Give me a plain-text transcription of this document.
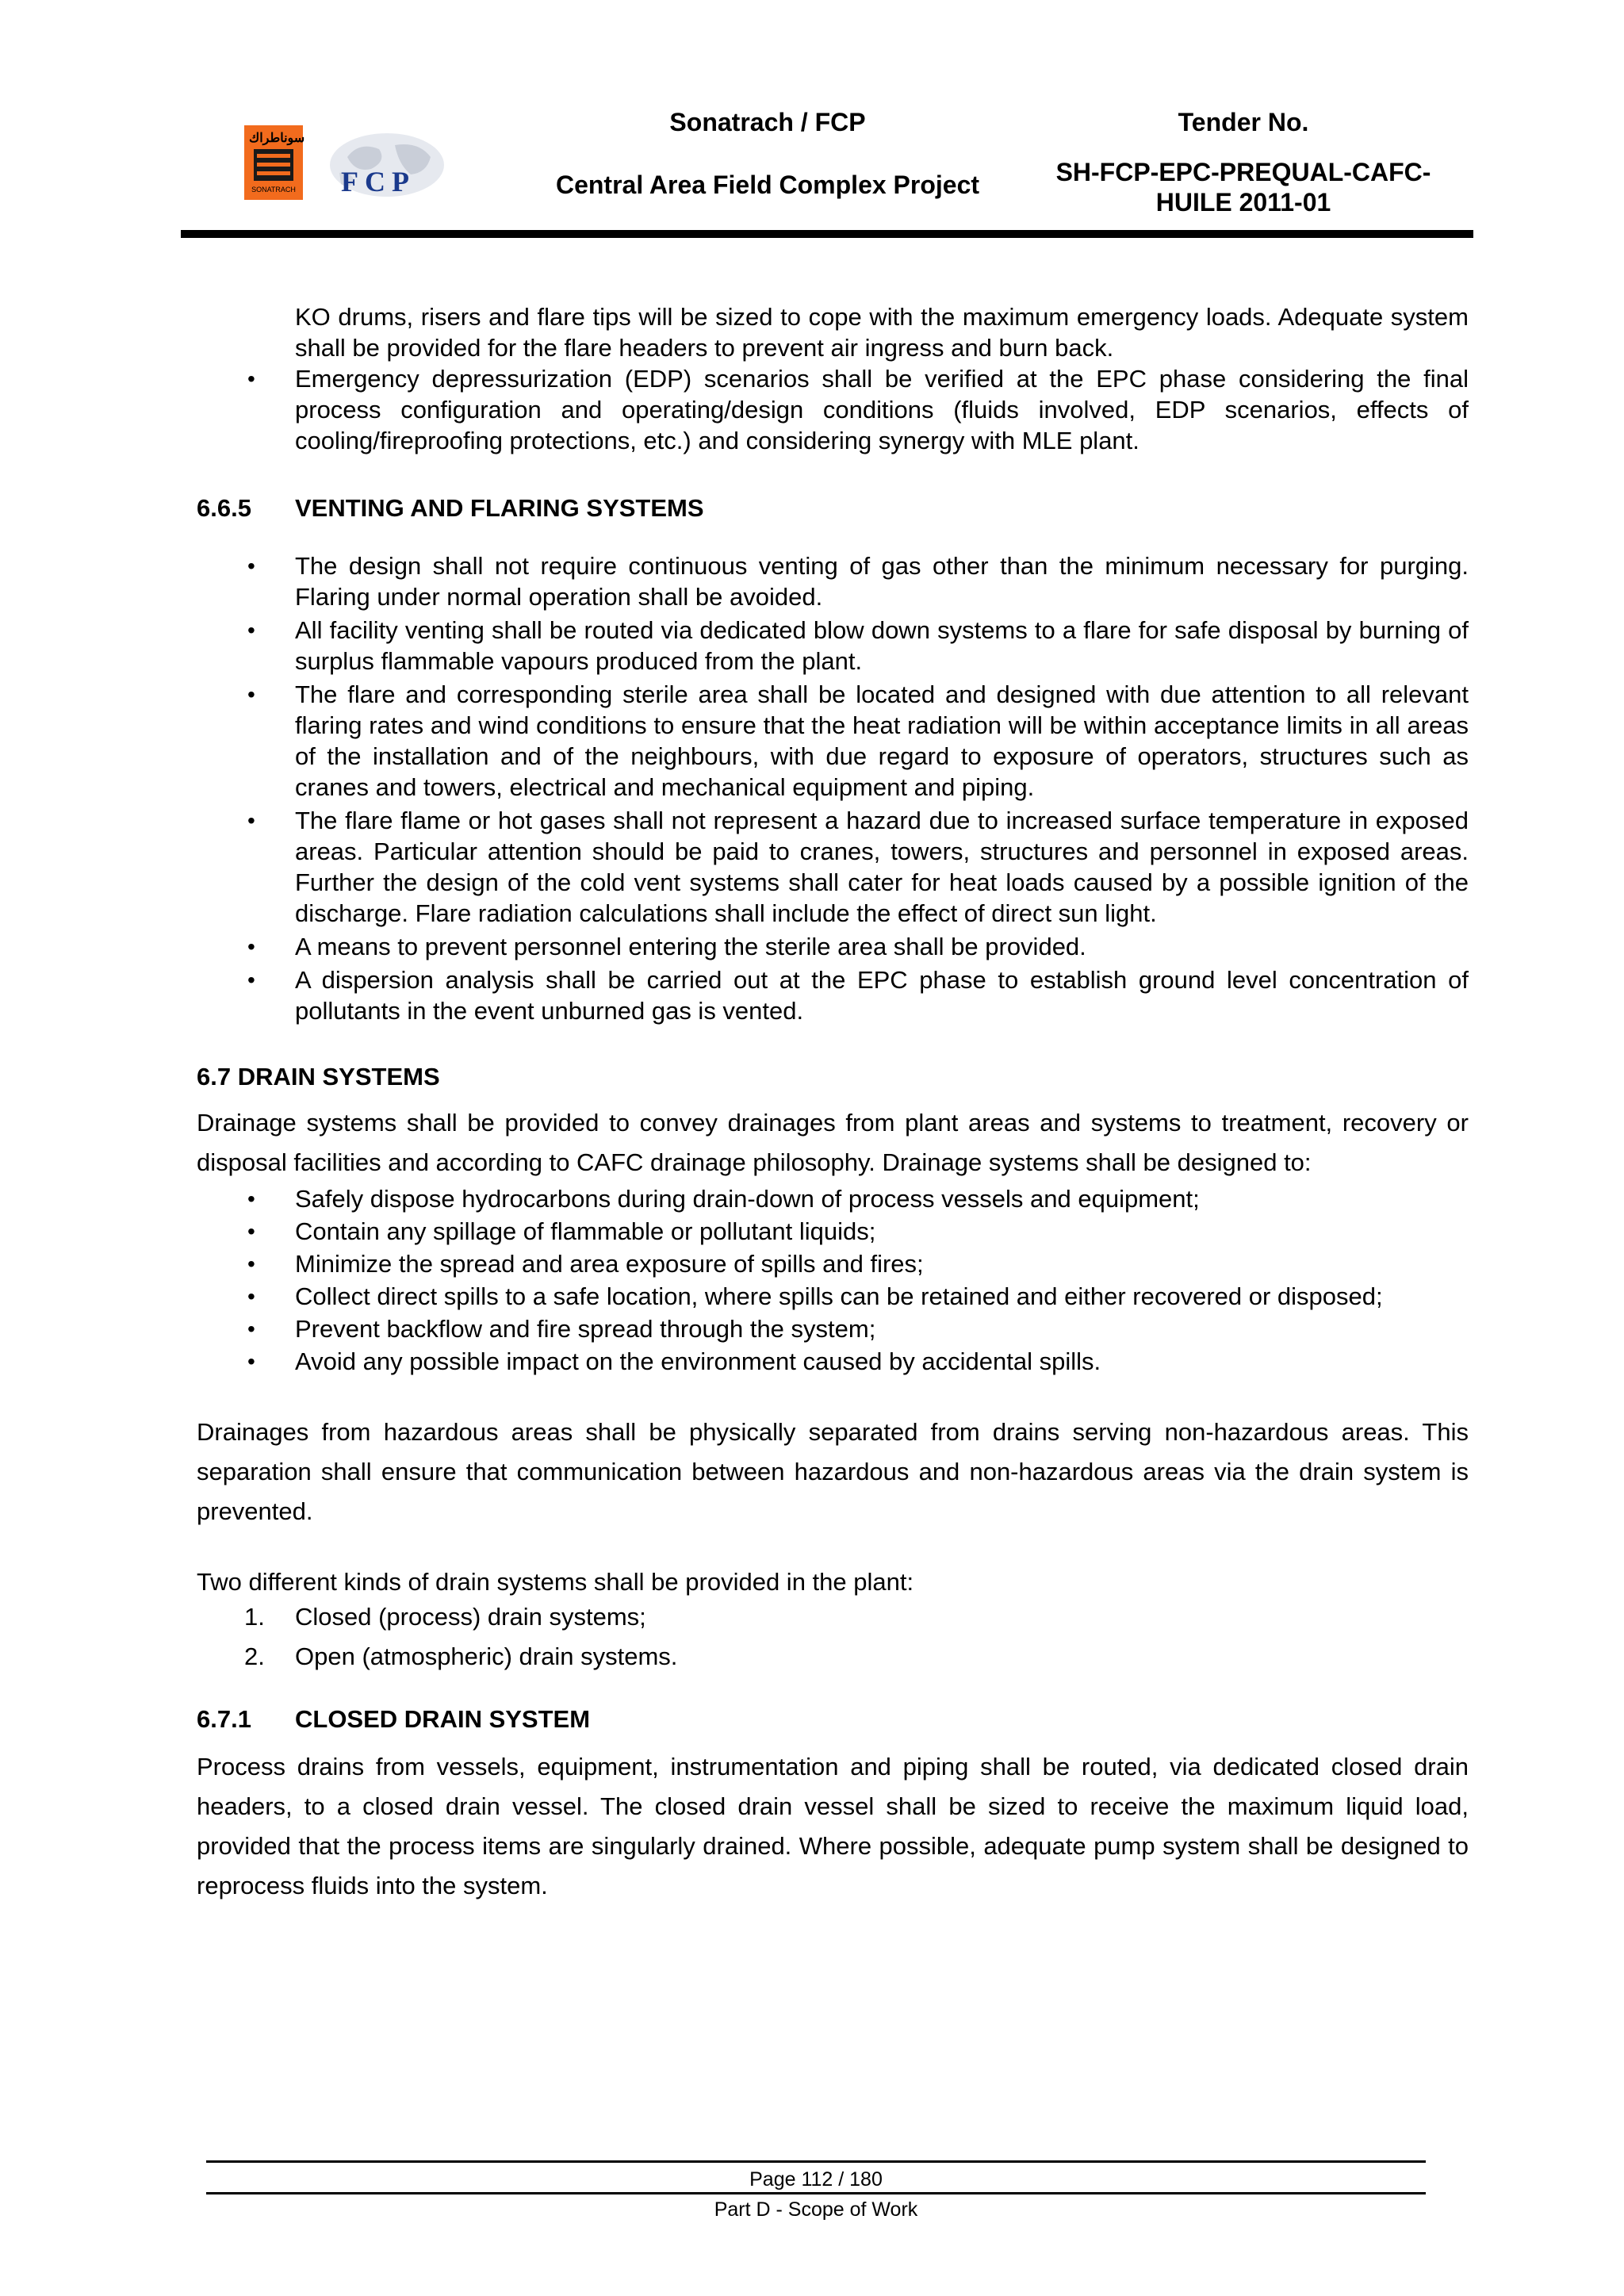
سوناطراك
SONATRACH FCP
Sonatrach / FCP
Central Area Field Complex Project
Tender No.
SH-FCP-EPC-PREQUAL-CAFC-
HUILE 2011-01

KO drums, risers and flare tips will be sized to cope with the maximum emergency loads. Adequate system shall be provided for the flare headers to prevent air ingress and burn back.

• Emergency depressurization (EDP) scenarios shall be verified at the EPC phase considering the final process configuration and operating/design conditions (fluids involved, EDP scenarios, effects of cooling/fireproofing protections, etc.) and considering synergy with MLE plant.

6.6.5 VENTING AND FLARING SYSTEMS

• The design shall not require continuous venting of gas other than the minimum necessary for purging. Flaring under normal operation shall be avoided.
• All facility venting shall be routed via dedicated blow down systems to a flare for safe disposal by burning of surplus flammable vapours produced from the plant.
• The flare and corresponding sterile area shall be located and designed with due attention to all relevant flaring rates and wind conditions to ensure that the heat radiation will be within acceptance limits in all areas of the installation and of the neighbours, with due regard to exposure of operators, structures such as cranes and towers, electrical and mechanical equipment and piping.
• The flare flame or hot gases shall not represent a hazard due to increased surface temperature in exposed areas. Particular attention should be paid to cranes, towers, structures and personnel in exposed areas. Further the design of the cold vent systems shall cater for heat loads caused by a possible ignition of the discharge. Flare radiation calculations shall include the effect of direct sun light.
• A means to prevent personnel entering the sterile area shall be provided.
• A dispersion analysis shall be carried out at the EPC phase to establish ground level concentration of pollutants in the event unburned gas is vented.

6.7 DRAIN SYSTEMS

Drainage systems shall be provided to convey drainages from plant areas and systems to treatment, recovery or disposal facilities and according to CAFC drainage philosophy. Drainage systems shall be designed to:

• Safely dispose hydrocarbons during drain-down of process vessels and equipment;
• Contain any spillage of flammable or pollutant liquids;
• Minimize the spread and area exposure of spills and fires;
• Collect direct spills to a safe location, where spills can be retained and either recovered or disposed;
• Prevent backflow and fire spread through the system;
• Avoid any possible impact on the environment caused by accidental spills.

Drainages from hazardous areas shall be physically separated from drains serving non-hazardous areas. This separation shall ensure that communication between hazardous and non-hazardous areas via the drain system is prevented.

Two different kinds of drain systems shall be provided in the plant:

1. Closed (process) drain systems;
2. Open (atmospheric) drain systems.

6.7.1 CLOSED DRAIN SYSTEM

Process drains from vessels, equipment, instrumentation and piping shall be routed, via dedicated closed drain headers, to a closed drain vessel. The closed drain vessel shall be sized to receive the maximum liquid load, provided that the process items are singularly drained. Where possible, adequate pump system shall be designed to reprocess fluids into the system.

Page 112 / 180
Part D - Scope of Work
